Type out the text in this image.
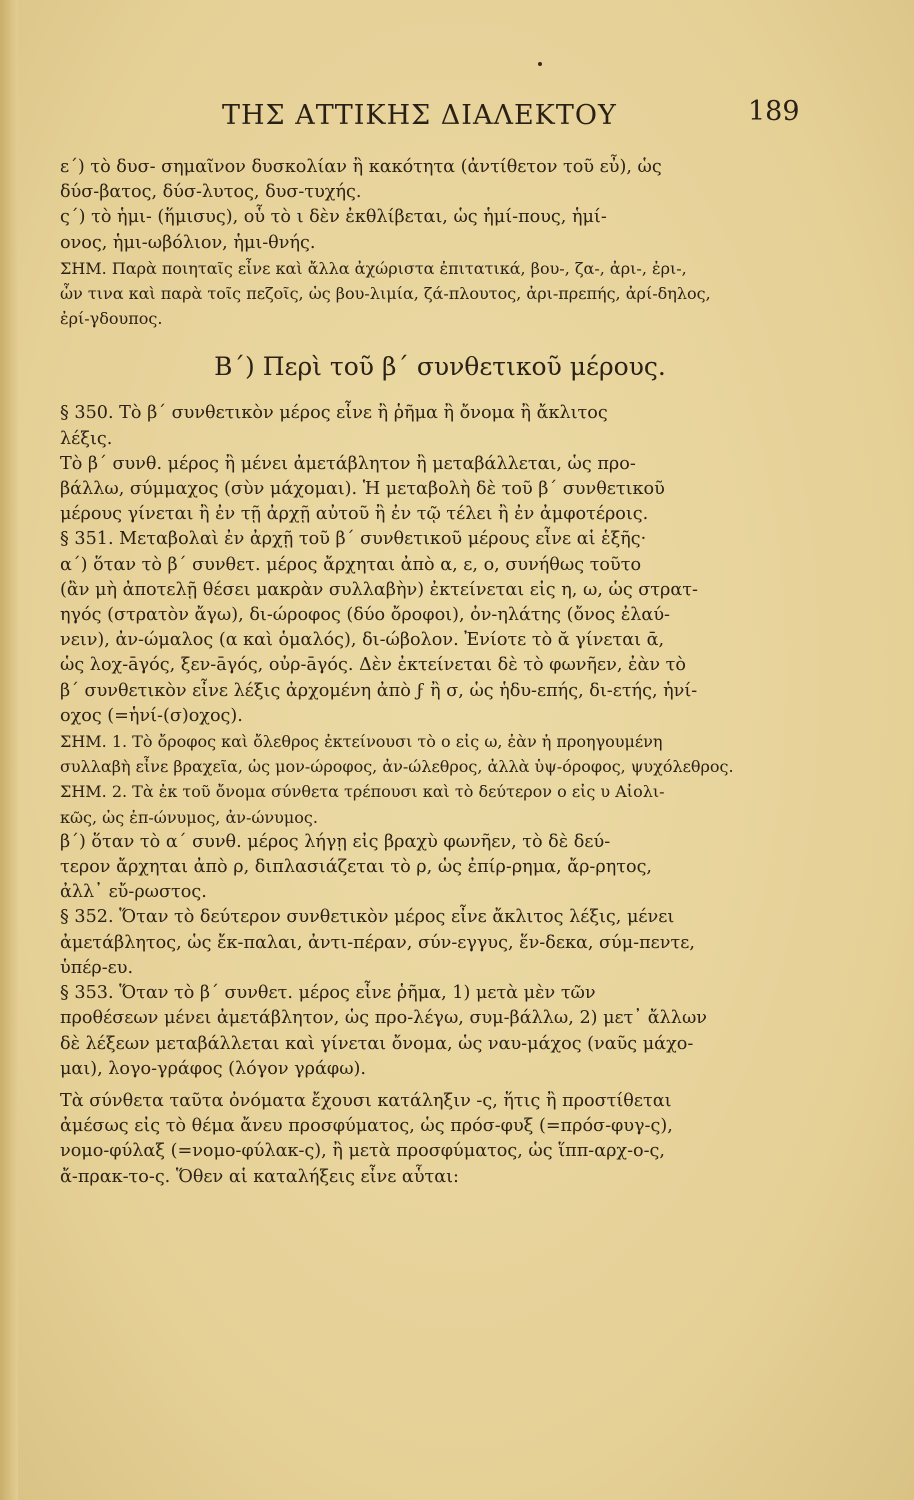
ΤΗΣ ΑΤΤΙΚΗΣ ΔΙΑΛΕΚΤΟΥ	189

ε΄) τὸ δυσ- σημαῖνον δυσκολίαν ἢ κακότητα (ἀντίθετον τοῦ εὖ), ὡς

δύσ-βατος, δύσ-λυτος, δυσ-τυχής.

ς΄) τὸ ἡμι- (ἥμισυς), οὗ τὸ ι δὲν ἐκθλίβεται, ὡς ἡμί-πους, ἡμί-

ονος, ἡμι-ωβόλιον, ἡμι-θνής.

ΣΗΜ. Παρὰ ποιηταῖς εἶνε καὶ ἄλλα ἀχώριστα ἐπιτατικά, βου-, ζα-, ἀρι-, ἐρι-,

ὧν τινα καὶ παρὰ τοῖς πεζοῖς, ὡς βου-λιμία, ζά-πλουτος, ἀρι-πρεπής, ἀρί-δηλος,

ἐρί-γδουπος.

Β΄) Περὶ τοῦ β΄ συνθετικοῦ μέρους.

§ 350. Τὸ β΄ συνθετικὸν μέρος εἶνε ἢ ῥῆμα ἢ ὄνομα ἢ ἄκλιτος

λέξις.

Τὸ β΄ συνθ. μέρος ἢ μένει ἀμετάβλητον ἢ μεταβάλλεται, ὡς προ-

βάλλω, σύμμαχος (σὺν μάχομαι). Ἡ μεταβολὴ δὲ τοῦ β΄ συνθετικοῦ

μέρους γίνεται ἢ ἐν τῇ ἀρχῇ αὐτοῦ ἢ ἐν τῷ τέλει ἢ ἐν ἀμφοτέροις.

§ 351. Μεταβολαὶ ἐν ἀρχῇ τοῦ β΄ συνθετικοῦ μέρους εἶνε αἱ ἑξῆς·

α΄) ὅταν τὸ β΄ συνθετ. μέρος ἄρχηται ἀπὸ α, ε, ο, συνήθως τοῦτο

(ἂν μὴ ἀποτελῇ θέσει μακρὰν συλλαβὴν) ἐκτείνεται εἰς η, ω, ὡς στρατ-

ηγός (στρατὸν ἄγω), δι-ώροφος (δύο ὄροφοι), ὀν-ηλάτης (ὄνος ἐλαύ-

νειν), ἀν-ώμαλος (α καὶ ὁμαλός), δι-ώβολον. Ἐνίοτε τὸ ᾰ γίνεται ᾱ,

ὡς λοχ-āγός, ξεν-āγός, οὐρ-āγός. Δὲν ἐκτείνεται δὲ τὸ φωνῆεν, ἐὰν τὸ

β΄ συνθετικὸν εἶνε λέξις ἀρχομένη ἀπὸ ϝ ἢ σ, ὡς ἡδυ-επής, δι-ετής, ἡνί-

οχος (=ἡνί-(σ)οχος).

ΣΗΜ. 1. Τὸ ὄροφος καὶ ὄλεθρος ἐκτείνουσι τὸ ο εἰς ω, ἐὰν ἡ προηγουμένη

συλλαβὴ εἶνε βραχεῖα, ὡς μον-ώροφος, ἀν-ώλεθρος, ἀλλὰ ὑψ-όροφος, ψυχόλεθρος.

ΣΗΜ. 2. Τὰ ἐκ τοῦ ὄνομα σύνθετα τρέπουσι καὶ τὸ δεύτερον ο εἰς υ Αἰολι-

κῶς, ὡς ἐπ-ώνυμος, ἀν-ώνυμος.

β΄) ὅταν τὸ α΄ συνθ. μέρος λήγῃ εἰς βραχὺ φωνῆεν, τὸ δὲ δεύ-

τερον ἄρχηται ἀπὸ ρ, διπλασιάζεται τὸ ρ, ὡς ἐπίρ-ρημα, ἄρ-ρητος,

ἀλλ᾿ εὔ-ρωστος.

§ 352. Ὅταν τὸ δεύτερον συνθετικὸν μέρος εἶνε ἄκλιτος λέξις, μένει

ἀμετάβλητος, ὡς ἔκ-παλαι, ἀντι-πέραν, σύν-εγγυς, ἕν-δεκα, σύμ-πεντε,

ὑπέρ-ευ.

§ 353. Ὅταν τὸ β΄ συνθετ. μέρος εἶνε ῥῆμα, 1) μετὰ μὲν τῶν

προθέσεων μένει ἀμετάβλητον, ὡς προ-λέγω, συμ-βάλλω, 2) μετ᾿ ἄλλων

δὲ λέξεων μεταβάλλεται καὶ γίνεται ὄνομα, ὡς ναυ-μάχος (ναῦς μάχο-

μαι), λογο-γράφος (λόγον γράφω).

Τὰ σύνθετα ταῦτα ὀνόματα ἔχουσι κατάληξιν -ς, ἥτις ἢ προστίθεται

ἀμέσως εἰς τὸ θέμα ἄνευ προσφύματος, ὡς πρόσ-φυξ (=πρόσ-φυγ-ς),

νομο-φύλαξ (=νομο-φύλακ-ς), ἢ μετὰ προσφύματος, ὡς ἵππ-αρχ-ο-ς,

ἄ-πρακ-το-ς. Ὅθεν αἱ καταλήξεις εἶνε αὗται:
